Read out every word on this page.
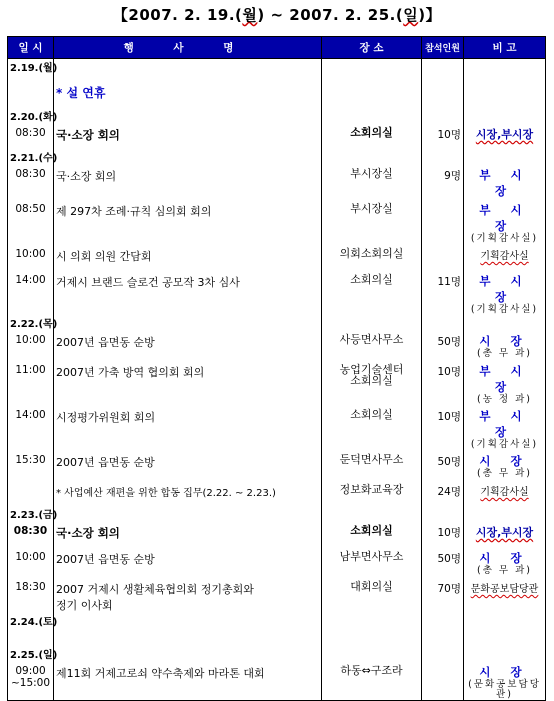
【2007. 2. 19.(월) ~ 2007. 2. 25.(일)】
일 시	행 사 명	장 소	참석인원	비 고
2.19.(월)				
	* 설 연휴			
2.20.(화)				
08:30	국·소장 회의	소회의실	10명	시장,부시장
2.21.(수)				
08:30	국·소장 회의	부시장실	9명	부 시 장
08:50	제 297차 조례·규칙 심의회 회의	부시장실		부 시 장
(기획감사실)

10:00	시 의회 의원 간담회	의회소회의실		기획감사실
14:00	거제시 브랜드 슬로건 공모작 3차 심사	소회의실	11명	부 시 장
(기획감사실)

2.22.(목)				
10:00	2007년 읍면동 순방	사등면사무소	50명	시 장
(총 무 과)

11:00	2007년 가축 방역 협의회 회의	농업기술센터
소회의실	10명	부 시 장
(농 정 과)

14:00	시정평가위원회 회의	소회의실	10명	부 시 장
(기획감사실)

15:30	2007년 읍면동 순방	둔덕면사무소	50명	시 장
(총 무 과)

	* 사업예산 재편을 위한 합동 집무(2.22. ~ 2.23.)	정보화교육장	24명	기획감사실
2.23.(금)				
08:30	국·소장 회의	소회의실	10명	시장,부시장
10:00	2007년 읍면동 순방	남부면사무소	50명	시 장
(총 무 과)

18:30	2007 거제시 생활체육협의회 정기총회와
정기 이사회	대회의실	70명	문화공보담당관
2.24.(토)				

2.25.(일)				
09:00
~15:00	제11회 거제고로쇠 약수축제와 마라톤 대회	하동⇔구조라		시 장
(문화공보담당관)
